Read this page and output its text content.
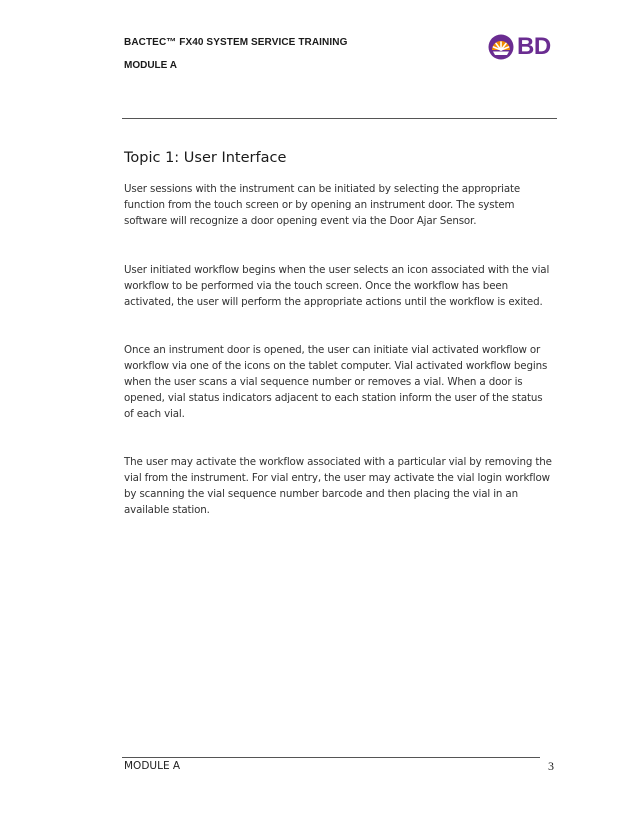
BACTEC™ FX40 SYSTEM SERVICE TRAINING
MODULE A
BD
Topic 1: User Interface

User sessions with the instrument can be initiated by selecting the appropriate function from the touch screen or by opening an instrument door. The system software will recognize a door opening event via the Door Ajar Sensor.

User initiated workflow begins when the user selects an icon associated with the vial workflow to be performed via the touch screen. Once the workflow has been activated, the user will perform the appropriate actions until the workflow is exited.

Once an instrument door is opened, the user can initiate vial activated workflow or workflow via one of the icons on the tablet computer. Vial activated workflow begins when the user scans a vial sequence number or removes a vial. When a door is opened, vial status indicators adjacent to each station inform the user of the status of each vial.

The user may activate the workflow associated with a particular vial by removing the vial from the instrument. For vial entry, the user may activate the vial login workflow by scanning the vial sequence number barcode and then placing the vial in an available station.

MODULE A	3
